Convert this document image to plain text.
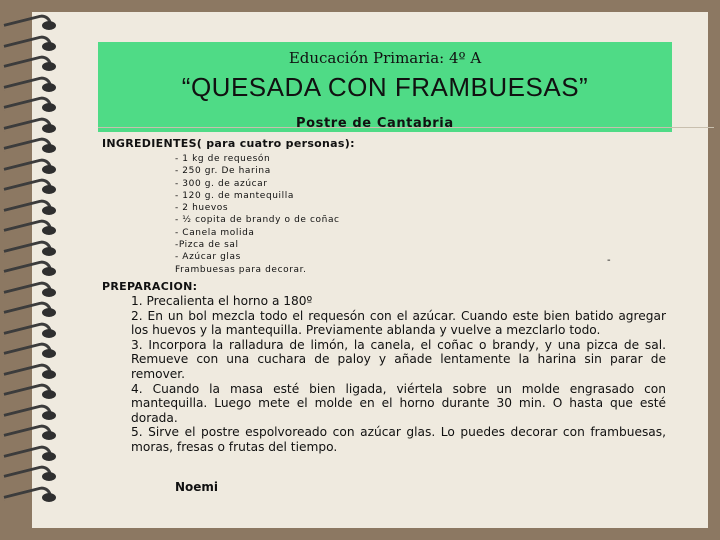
Educación Primaria: 4º A
“QUESADA CON FRAMBUESAS”
Postre de Cantabria
INGREDIENTES( para cuatro personas):
- 1 kg de requesón
- 250 gr. De harina
- 300 g. de azúcar
- 120 g. de mantequilla
- 2 huevos
- ½ copita de brandy o de coñac
- Canela molida
-Pizca de sal
- Azúcar glas
Frambuesas para decorar.
-
PREPARACION:

1. Precalienta el horno a 180º

2. En un bol mezcla todo el requesón con el azúcar. Cuando este bien batido agregar los huevos y la mantequilla. Previamente ablanda y vuelve a mezclarlo todo.

3. Incorpora la ralladura de limón, la canela, el coñac o brandy, y una pizca de sal. Remueve con una cuchara de paloy y añade lentamente la harina sin parar de remover.

4. Cuando la masa esté bien ligada, viértela sobre un molde engrasado con mantequilla. Luego mete el molde en el horno durante 30 min. O hasta que esté dorada.

5. Sirve el postre espolvoreado con azúcar glas. Lo puedes decorar con frambuesas, moras, fresas o frutas del tiempo.

Noemi
